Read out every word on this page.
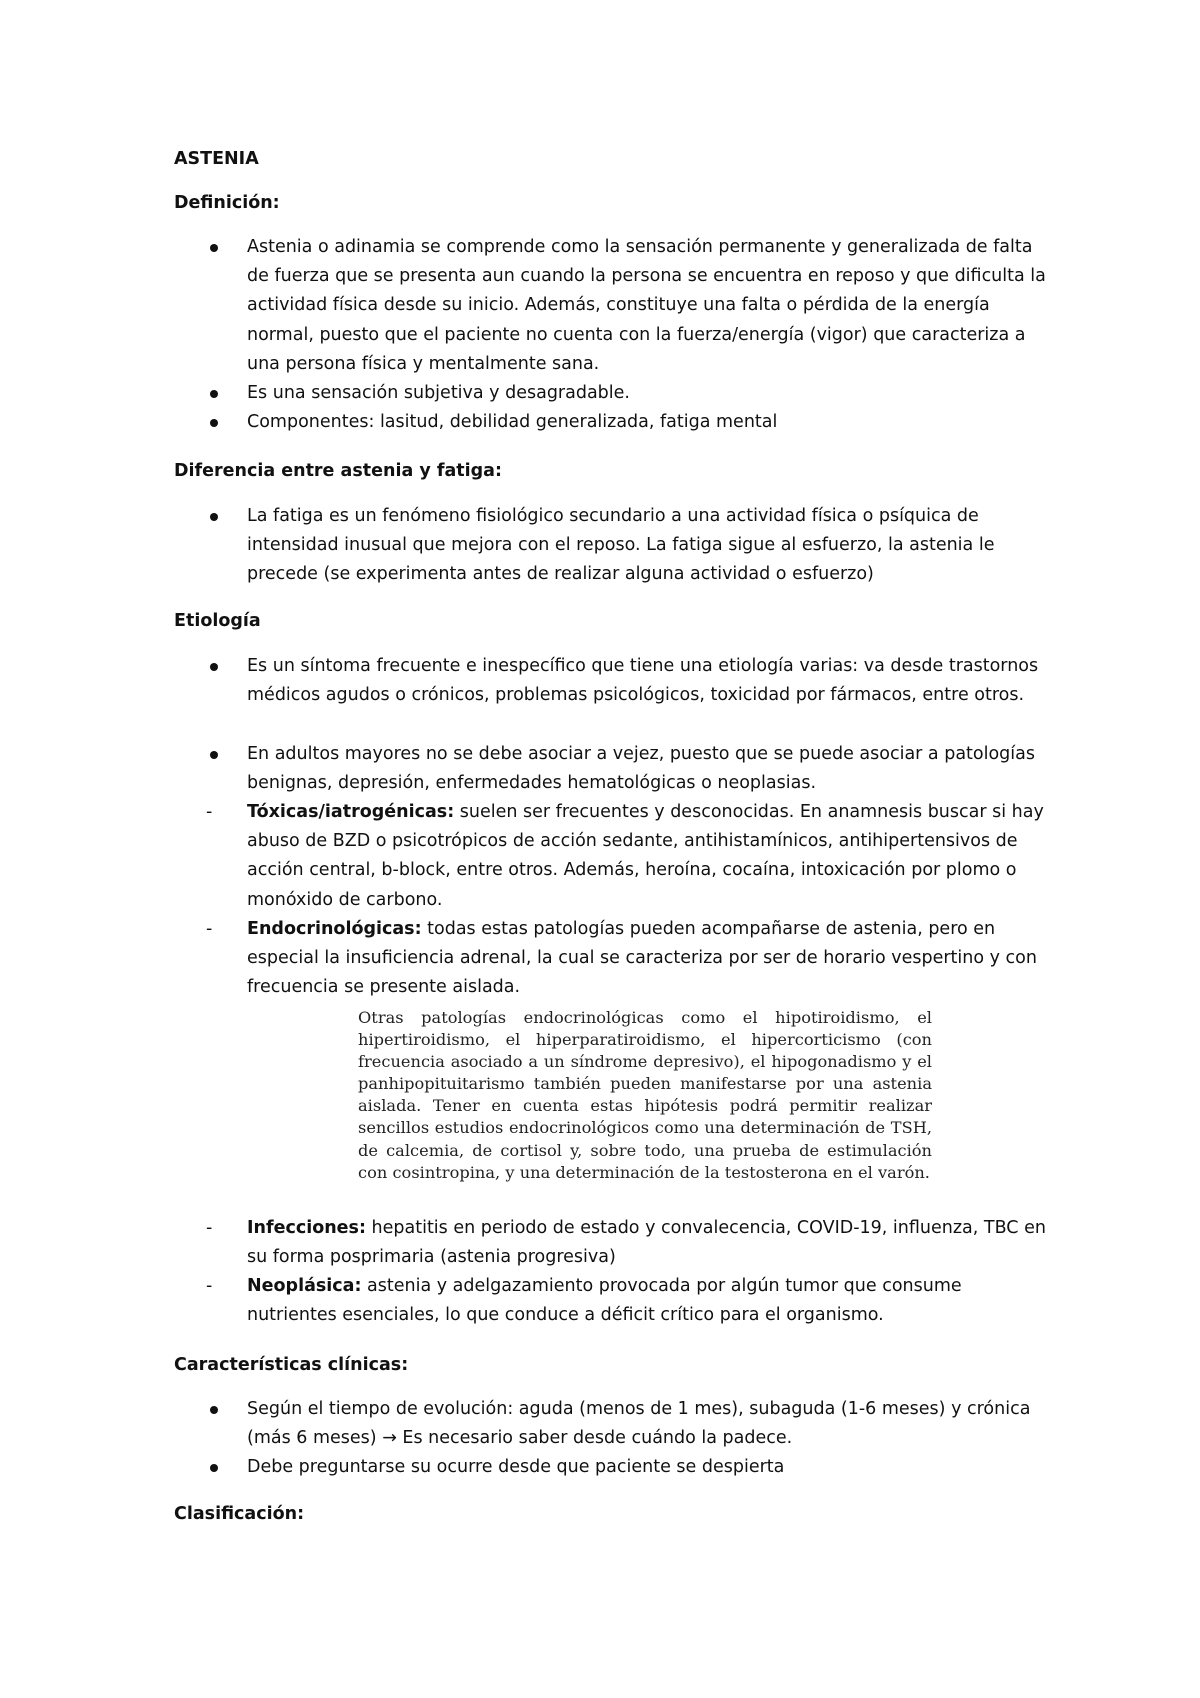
ASTENIA
Definición:
Astenia o adinamia se comprende como la sensación permanente y generalizada de falta de fuerza que se presenta aun cuando la persona se encuentra en reposo y que dificulta la actividad física desde su inicio. Además, constituye una falta o pérdida de la energía normal, puesto que el paciente no cuenta con la fuerza/energía (vigor) que caracteriza a una persona física y mentalmente sana.
Es una sensación subjetiva y desagradable.
Componentes: lasitud, debilidad generalizada, fatiga mental
Diferencia entre astenia y fatiga:
La fatiga es un fenómeno fisiológico secundario a una actividad física o psíquica de intensidad inusual que mejora con el reposo. La fatiga sigue al esfuerzo, la astenia le precede (se experimenta antes de realizar alguna actividad o esfuerzo)
Etiología
Es un síntoma frecuente e inespecífico que tiene una etiología varias: va desde trastornos médicos agudos o crónicos, problemas psicológicos, toxicidad por fármacos, entre otros.
En adultos mayores no se debe asociar a vejez, puesto que se puede asociar a patologías benignas, depresión, enfermedades hematológicas o neoplasias.
-	Tóxicas/iatrogénicas: suelen ser frecuentes y desconocidas. En anamnesis buscar si hay abuso de BZD o psicotrópicos de acción sedante, antihistamínicos, antihipertensivos de acción central, b-block, entre otros. Además, heroína, cocaína, intoxicación por plomo o monóxido de carbono.
-	Endocrinológicas: todas estas patologías pueden acompañarse de astenia, pero en especial la insuficiencia adrenal, la cual se caracteriza por ser de horario vespertino y con frecuencia se presente aislada.
Otras patologías endocrinológicas como el hipotiroidismo, el hipertiroidismo, el hiperparatiroidismo, el hipercorticismo (con frecuencia asociado a un síndrome depresivo), el hipogonadismo y el panhipopituitarismo también pueden manifestarse por una astenia aislada. Tener en cuenta estas hipótesis podrá permitir realizar sencillos estudios endocrinológicos como una determinación de TSH, de calcemia, de cortisol y, sobre todo, una prueba de estimulación con cosintropina, y una determinación de la testosterona en el varón.
-	Infecciones: hepatitis en periodo de estado y convalecencia, COVID-19, influenza, TBC en su forma posprimaria (astenia progresiva)
-	Neoplásica: astenia y adelgazamiento provocada por algún tumor que consume nutrientes esenciales, lo que conduce a déficit crítico para el organismo.
Características clínicas:
Según el tiempo de evolución: aguda (menos de 1 mes), subaguda (1-6 meses) y crónica (más 6 meses) → Es necesario saber desde cuándo la padece.
Debe preguntarse su ocurre desde que paciente se despierta
Clasificación:
